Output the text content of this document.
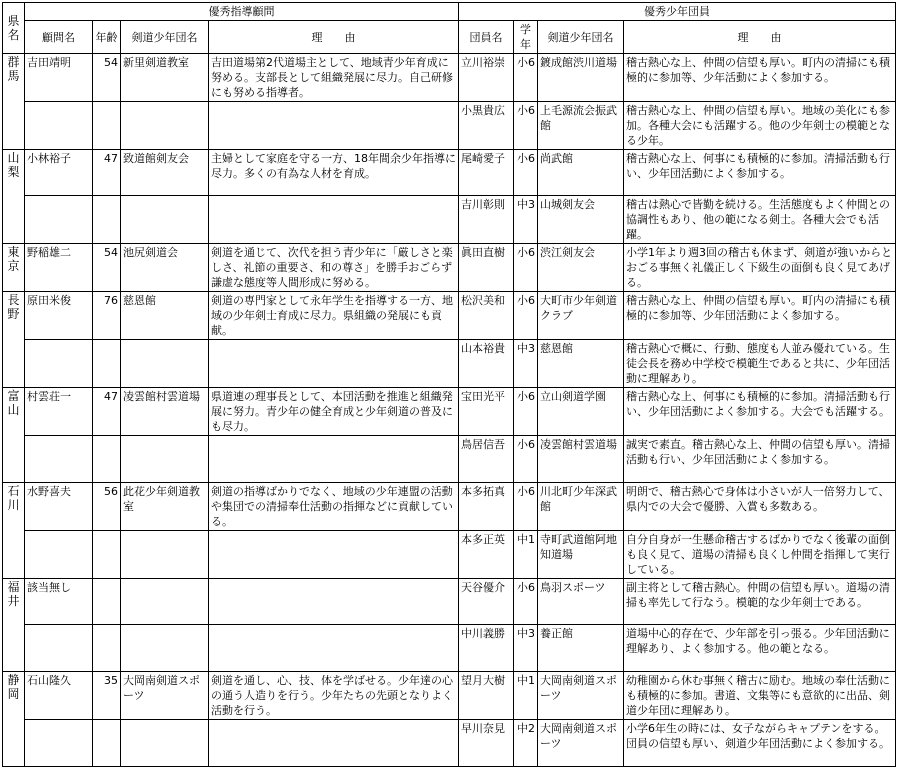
県名	優秀指導顧問				優秀少年団員			
	顧問名	年齢	剣道少年団名	理　　由	団員名	学年	剣道少年団名	理　　由
群馬	吉田靖明	54	新里剣道教室	吉田道場第2代道場主として、地域青少年育成に努める。支部長として組織発展に尽力。自己研修にも努める指導者。	立川裕崇	小6	鍍成館渋川道場	稽古熱心な上、仲間の信望も厚い。町内の清掃にも積極的に参加等、少年活動によく参加する。
					小黒貴広	小6	上毛源流会振武館	稽古熱心な上、仲間の信望も厚い。地域の美化にも参加。各種大会にも活躍する。他の少年剣士の模範となる少年。
山梨	小林裕子	47	致道館剣友会	主婦として家庭を守る一方、18年間余少年指導に尽力。多くの有為な人材を育成。	尾崎愛子	小6	尚武館	稽古熱心な上、何事にも積極的に参加。清掃活動も行い、少年団活動によく参加する。
					吉川彰則	中3	山城剣友会	稽古は熱心で皆勤を続ける。生活態度もよく仲間との協調性もあり、他の範になる剣士。各種大会でも活躍。
東京	野稲雄二	54	池尻剣道会	剣道を通じて、次代を担う青少年に「厳しさと楽しさ、礼節の重要さ、和の尊さ」を勝手おごらず謙虚な態度等人間形成に努める。	眞田直樹	小6	渋江剣友会	小学1年より週3回の稽古も休まず、剣道が強いからとおごる事無く礼儀正しく下級生の面倒も良く見てあげる。
長野	原田米俊	76	慈恩館	剣道の専門家として永年学生を指導する一方、地域の少年剣士育成に尽力。県組織の発展にも貢献。	松沢美和	小6	大町市少年剣道クラブ	稽古熱心な上、仲間の信望も厚い。町内の清掃にも積極的に参加等、少年団活動によく参加する。
					山本裕貴	中3	慈恩館	稽古熱心で概に、行動、態度も人並み優れている。生徒会長を務め中学校で模範生であると共に、少年団活動に理解あり。
富山	村雲荘一	47	凌雲館村雲道場	県道連の理事長として、本団活動を推進と組織発展に努力。青少年の健全育成と少年剣道の普及にも尽力。	宝田光平	小6	立山剣道学園	稽古熱心な上、何事にも積極的に参加。清掃活動も行い、少年団活動によく参加する。大会でも活躍する。
					鳥居信吾	小6	凌雲館村雲道場	誠実で素直。稽古熱心な上、仲間の信望も厚い。清掃活動も行い、少年団活動によく参加する。
石川	水野喜夫	56	此花少年剣道教室	剣道の指導ばかりでなく、地域の少年連盟の活動や集団での清掃奉仕活動の指揮などに貢献している。	本多拓真	小6	川北町少年深武館	明朗で、稽古熱心で身体は小さいが人一倍努力して、県内での大会で優勝、入賞も多数ある。
					本多正英	中1	寺町武道館阿地知道場	自分自身が一生懸命稽古するばかりでなく後輩の面倒も良く見て、道場の清掃も良くし仲間を指揮して実行している。
福井	該当無し				天谷優介	小6	鳥羽スポーツ	副主将として稽古熱心。仲間の信望も厚い。道場の清掃も率先して行なう。模範的な少年剣士である。
					中川義勝	中3	養正館	道場中心的存在で、少年部を引っ張る。少年団活動に理解あり、よく参加する。他の範となる。
静岡	石山隆久	35	大岡南剣道スポーツ	剣道を通し、心、技、体を学ばせる。少年達の心の通う人造りを行う。少年たちの先頭となりよく活動を行う。	望月大樹	中1	大岡南剣道スポーツ	幼稚園から休む事無く稽古に励む。地域の奉仕活動にも積極的に参加。書道、文集等にも意欲的に出品、剣道少年団に理解あり。
					早川奈見	中2	大岡南剣道スポーツ	小学6年生の時には、女子ながらキャプテンをする。団員の信望も厚い、剣道少年団活動によく参加する。
